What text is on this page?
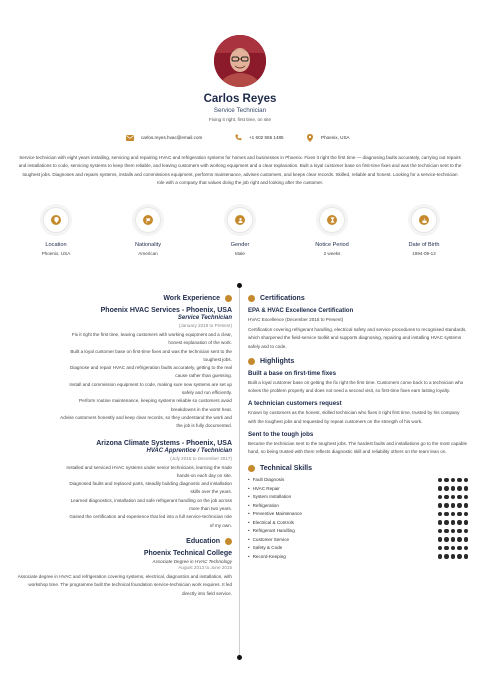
Carlos Reyes
Service Technician
Fixing it right, first time, on site
carlos.reyes.hvac@email.com	+1 602 555 1485	Phoenix, USA
Service technician with eight years installing, servicing and repairing HVAC and refrigeration systems for homes and businesses in Phoenix. Fixes it right the first time — diagnosing faults accurately, carrying out repairs and installations to code, servicing systems to keep them reliable, and leaving customers with working equipment and a clear explanation. Built a loyal customer base on first-time fixes and was the technician sent to the toughest jobs. Diagnoses and repairs systems, installs and commissions equipment, performs maintenance, advises customers, and keeps clear records. Skilled, reliable and honest. Looking for a service-technician role with a company that values doing the job right and looking after the customer.
Location
Phoenix, USA
Nationality
American
Gender
Male
Notice Period
2 weeks
Date of Birth
1994-09-12
Work Experience
Phoenix HVAC Services - Phoenix, USA
Service Technician
(January 2018 to Present)
Fix it right the first time, leaving customers with working equipment and a clear,
honest explanation of the work.
Built a loyal customer base on first-time fixes and was the technician sent to the
toughest jobs.
Diagnose and repair HVAC and refrigeration faults accurately, getting to the real
cause rather than guessing.
Install and commission equipment to code, making sure new systems are set up
safely and run efficiently.
Perform routine maintenance, keeping systems reliable so customers avoid
breakdowns in the worst heat.
Advise customers honestly and keep clear records, so they understand the work and
the job is fully documented.
Arizona Climate Systems - Phoenix, USA
HVAC Apprentice / Technician
(July 2015 to December 2017)
Installed and serviced HVAC systems under senior technicians, learning the trade
hands-on each day on site.
Diagnosed faults and replaced parts, steadily building diagnostic and installation
skills over the years.
Learned diagnostics, installation and safe refrigerant handling on the job across
more than two years.
Gained the certification and experience that led into a full service-technician role
of my own.
Education
Phoenix Technical College
Associate Degree in HVAC Technology
August 2013 to June 2015
Associate degree in HVAC and refrigeration covering systems, electrical, diagnostics and installation, with workshop time. The programme built the technical foundation service-technician work requires. It led directly into field service.
Certifications
EPA & HVAC Excellence Certification
HVAC Excellence (December 2015 to Present)
Certification covering refrigerant handling, electrical safety and service procedures to recognised standards, which sharpened the field-service toolkit and supports diagnosing, repairing and installing HVAC systems safely and to code.
Highlights
Built a base on first-time fixes
Built a loyal customer base on getting the fix right the first time. Customers come back to a technician who solves the problem properly and does not need a second visit, so first-time fixes earn lasting loyalty.
A technician customers request
Known by customers as the honest, skilled technician who fixes it right first time, trusted by his company with the toughest jobs and requested by repeat customers on the strength of his work.
Sent to the tough jobs
Became the technician sent to the toughest jobs. The hardest faults and installations go to the most capable hand, so being trusted with them reflects diagnostic skill and reliability others on the team lean on.
Technical Skills
• Fault Diagnosis
• HVAC Repair
• System Installation
• Refrigeration
• Preventive Maintenance
• Electrical & Controls
• Refrigerant Handling
• Customer Service
• Safety & Code
• Record-Keeping
